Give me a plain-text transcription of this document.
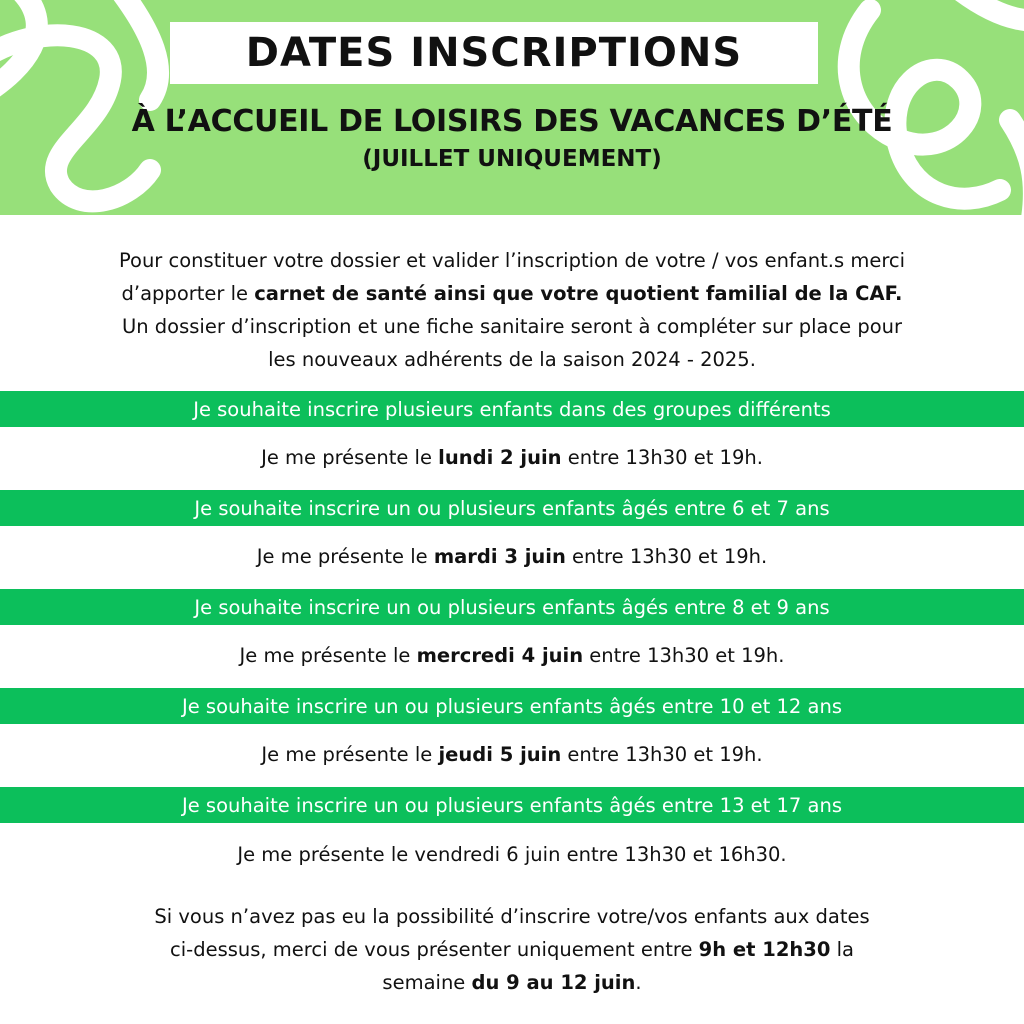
DATES INSCRIPTIONS
À L’ACCUEIL DE LOISIRS DES VACANCES D’ÉTÉ
(JUILLET UNIQUEMENT)
Pour constituer votre dossier et valider l’inscription de votre / vos enfant.s merci
d’apporter le carnet de santé ainsi que votre quotient familial de la CAF.
Un dossier d’inscription et une fiche sanitaire seront à compléter sur place pour
les nouveaux adhérents de la saison 2024 - 2025.
Je souhaite inscrire plusieurs enfants dans des groupes différents
Je me présente le lundi 2 juin entre 13h30 et 19h.
Je souhaite inscrire un ou plusieurs enfants âgés entre 6 et 7 ans
Je me présente le mardi 3 juin entre 13h30 et 19h.
Je souhaite inscrire un ou plusieurs enfants âgés entre 8 et 9 ans
Je me présente le mercredi 4 juin entre 13h30 et 19h.
Je souhaite inscrire un ou plusieurs enfants âgés entre 10 et 12 ans
Je me présente le jeudi 5 juin entre 13h30 et 19h.
Je souhaite inscrire un ou plusieurs enfants âgés entre 13 et 17 ans
Je me présente le vendredi 6 juin entre 13h30 et 16h30.
Si vous n’avez pas eu la possibilité d’inscrire votre/vos enfants aux dates
ci-dessus, merci de vous présenter uniquement entre 9h et 12h30 la
semaine du 9 au 12 juin.
